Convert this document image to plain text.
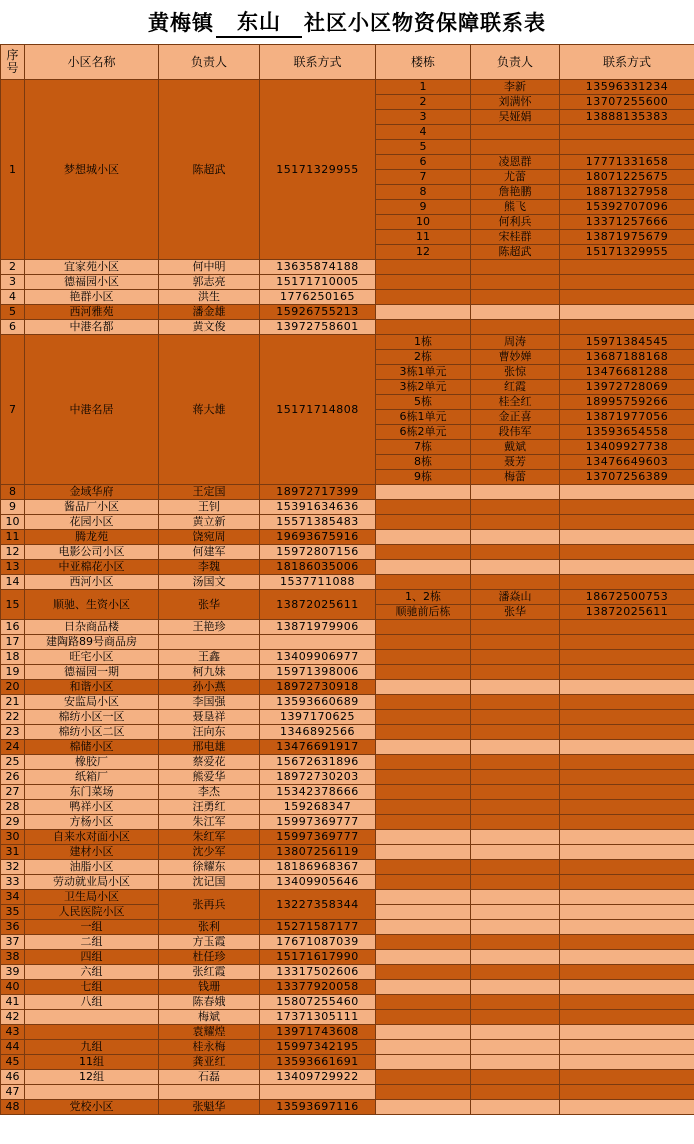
黄梅镇	东山	社区小区物资保障联系表
序号	小区名称	负责人	联系方式	楼栋	负责人	联系方式
1	梦想城小区	陈超武	15171329955	1	李新	13596331234
				2	刘满怀	13707255600
				3	吴娅娟	13888135383
				4		
				5		
				6	凌恩群	17771331658
				7	尤蕾	18071225675
				8	詹艳鹏	18871327958
				9	熊飞	15392707096
				10	何利兵	13371257666
				11	宋桂群	13871975679
				12	陈超武	15171329955
2	宜家苑小区	何中明	13635874188			
3	德福园小区	郭志亮	15171710005			
4	艳群小区	洪生	1776250165			
5	西河雅苑	潘金雄	15926755213			
6	中港名都	黄文俊	13972758601			
7	中港名居	蒋大雄	15171714808	1栋	周涛	15971384545
				2栋	曹妙婵	13687188168
				3栋1单元	张惊	13476681288
				3栋2单元	红霞	13972728069
				5栋	桂全红	18995759266
				6栋1单元	金正喜	13871977056
				6栋2单元	段伟军	13593654558
				7栋	戴斌	13409927738
				8栋	聂芳	13476649603
				9栋	梅蕾	13707256389
8	金域华府	王定国	18972717399			
9	酱品厂小区	王钊	15391634636			
10	花园小区	黄立新	15571385483			
11	腾龙苑	饶宛周	19693675916			
12	电影公司小区	何建军	15972807156			
13	中亚棉花小区	李魏	18186035006			
14	西河小区	汤国文	1537711088			
15	顺驰、生资小区	张华	13872025611	1、2栋	潘焱山	18672500753
				顺驰前后栋	张华	13872025611
16	日杂商品楼	王艳珍	13871979906			
17	建陶路89号商品房					
18	旺宅小区	王鑫	13409906977			
19	德福园一期	柯九妹	15971398006			
20	和谐小区	孙小燕	18972730918			
21	安监局小区	李国强	13593660689			
22	棉纺小区一区	聂垦祥	1397170625			
23	棉纺小区二区	汪向东	1346892566			
24	棉储小区	邢电雄	13476691917			
25	橡胶厂	蔡爱花	15672631896			
26	纸箱厂	熊爱华	18972730203			
27	东门菜场	李杰	15342378666			
28	鸭祥小区	汪勇红	159268347			
29	方杨小区	朱江军	15997369777			
30	自来水对面小区	朱红军	15997369777			
31	建材小区	沈少军	13807256119			
32	油脂小区	徐耀东	18186968367			
33	劳动就业局小区	沈记国	13409905646			
34	卫生局小区	张再兵	13227358344			
35	人民医院小区					
36	一组	张利	15271587177			
37	二组	方玉霞	17671087039			
38	四组	杜任珍	15171617990			
39	六组	张红霞	13317502606			
40	七组	钱珊	13377920058			
41	八组	陈春娥	15807255460			
42		梅斌	17371305111			
43		袁耀煌	13971743608			
44	九组	桂永梅	15997342195			
45	11组	龚亚红	13593661691			
46	12组	石磊	13409729922			
47						
48	党校小区	张魁华	13593697116			
